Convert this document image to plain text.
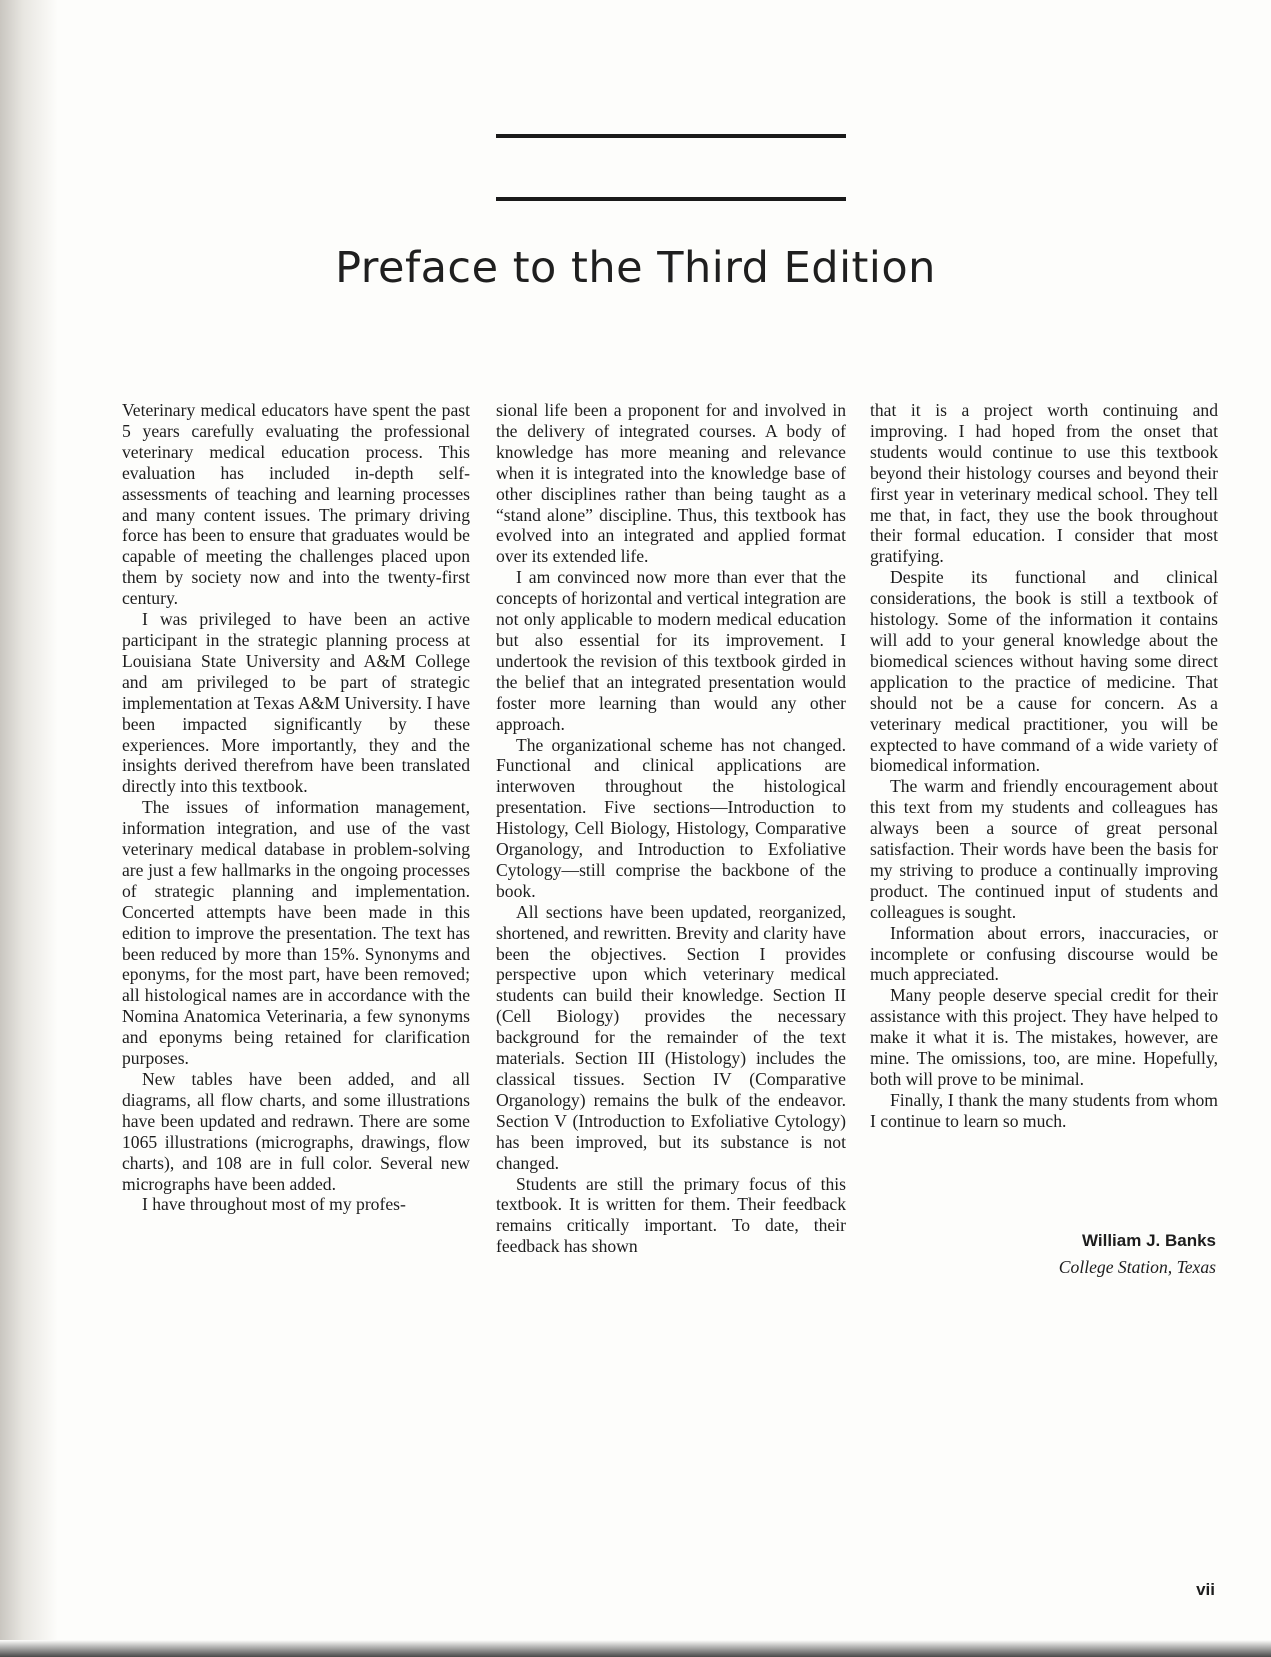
Preface to the Third Edition

Veterinary medical educators have spent the past 5 years carefully evaluating the professional veterinary medical education process. This evaluation has included in-depth self-assessments of teaching and learning processes and many content issues. The primary driving force has been to ensure that graduates would be capable of meeting the challenges placed upon them by society now and into the twenty-first century.

I was privileged to have been an active participant in the strategic planning process at Louisiana State University and A&M College and am privileged to be part of strategic implementation at Texas A&M University. I have been impacted significantly by these experiences. More importantly, they and the insights derived therefrom have been translated directly into this textbook.

The issues of information management, information integration, and use of the vast veterinary medical database in problem-solving are just a few hallmarks in the ongoing processes of strategic planning and implementation. Concerted attempts have been made in this edition to improve the presentation. The text has been reduced by more than 15%. Synonyms and eponyms, for the most part, have been removed; all histological names are in accordance with the Nomina Anatomica Veterinaria, a few synonyms and eponyms being retained for clarification purposes.

New tables have been added, and all diagrams, all flow charts, and some illustrations have been updated and redrawn. There are some 1065 illustrations (micrographs, drawings, flow charts), and 108 are in full color. Several new micrographs have been added.

I have throughout most of my profes-

sional life been a proponent for and involved in the delivery of integrated courses. A body of knowledge has more meaning and relevance when it is integrated into the knowledge base of other disciplines rather than being taught as a “stand alone” discipline. Thus, this textbook has evolved into an integrated and applied format over its extended life.

I am convinced now more than ever that the concepts of horizontal and vertical integration are not only applicable to modern medical education but also essential for its improvement. I undertook the revision of this textbook girded in the belief that an integrated presentation would foster more learning than would any other approach.

The organizational scheme has not changed. Functional and clinical applications are interwoven throughout the histological presentation. Five sections—Introduction to Histology, Cell Biology, Histology, Comparative Organology, and Introduction to Exfoliative Cytology—still comprise the backbone of the book.

All sections have been updated, reorganized, shortened, and rewritten. Brevity and clarity have been the objectives. Section I provides perspective upon which veterinary medical students can build their knowledge. Section II (Cell Biology) provides the necessary background for the remainder of the text materials. Section III (Histology) includes the classical tissues. Section IV (Comparative Organology) remains the bulk of the endeavor. Section V (Introduction to Exfoliative Cytology) has been improved, but its substance is not changed.

Students are still the primary focus of this textbook. It is written for them. Their feedback remains critically important. To date, their feedback has shown

that it is a project worth continuing and improving. I had hoped from the onset that students would continue to use this textbook beyond their histology courses and beyond their first year in veterinary medical school. They tell me that, in fact, they use the book throughout their formal education. I consider that most gratifying.

Despite its functional and clinical considerations, the book is still a textbook of histology. Some of the information it contains will add to your general knowledge about the biomedical sciences without having some direct application to the practice of medicine. That should not be a cause for concern. As a veterinary medical practitioner, you will be exptected to have command of a wide variety of biomedical information.

The warm and friendly encouragement about this text from my students and colleagues has always been a source of great personal satisfaction. Their words have been the basis for my striving to produce a continually improving product. The continued input of students and colleagues is sought.

Information about errors, inaccuracies, or incomplete or confusing discourse would be much appreciated.

Many people deserve special credit for their assistance with this project. They have helped to make it what it is. The mistakes, however, are mine. The omissions, too, are mine. Hopefully, both will prove to be minimal.

Finally, I thank the many students from whom I continue to learn so much.

William J. Banks
College Station, Texas
vii
